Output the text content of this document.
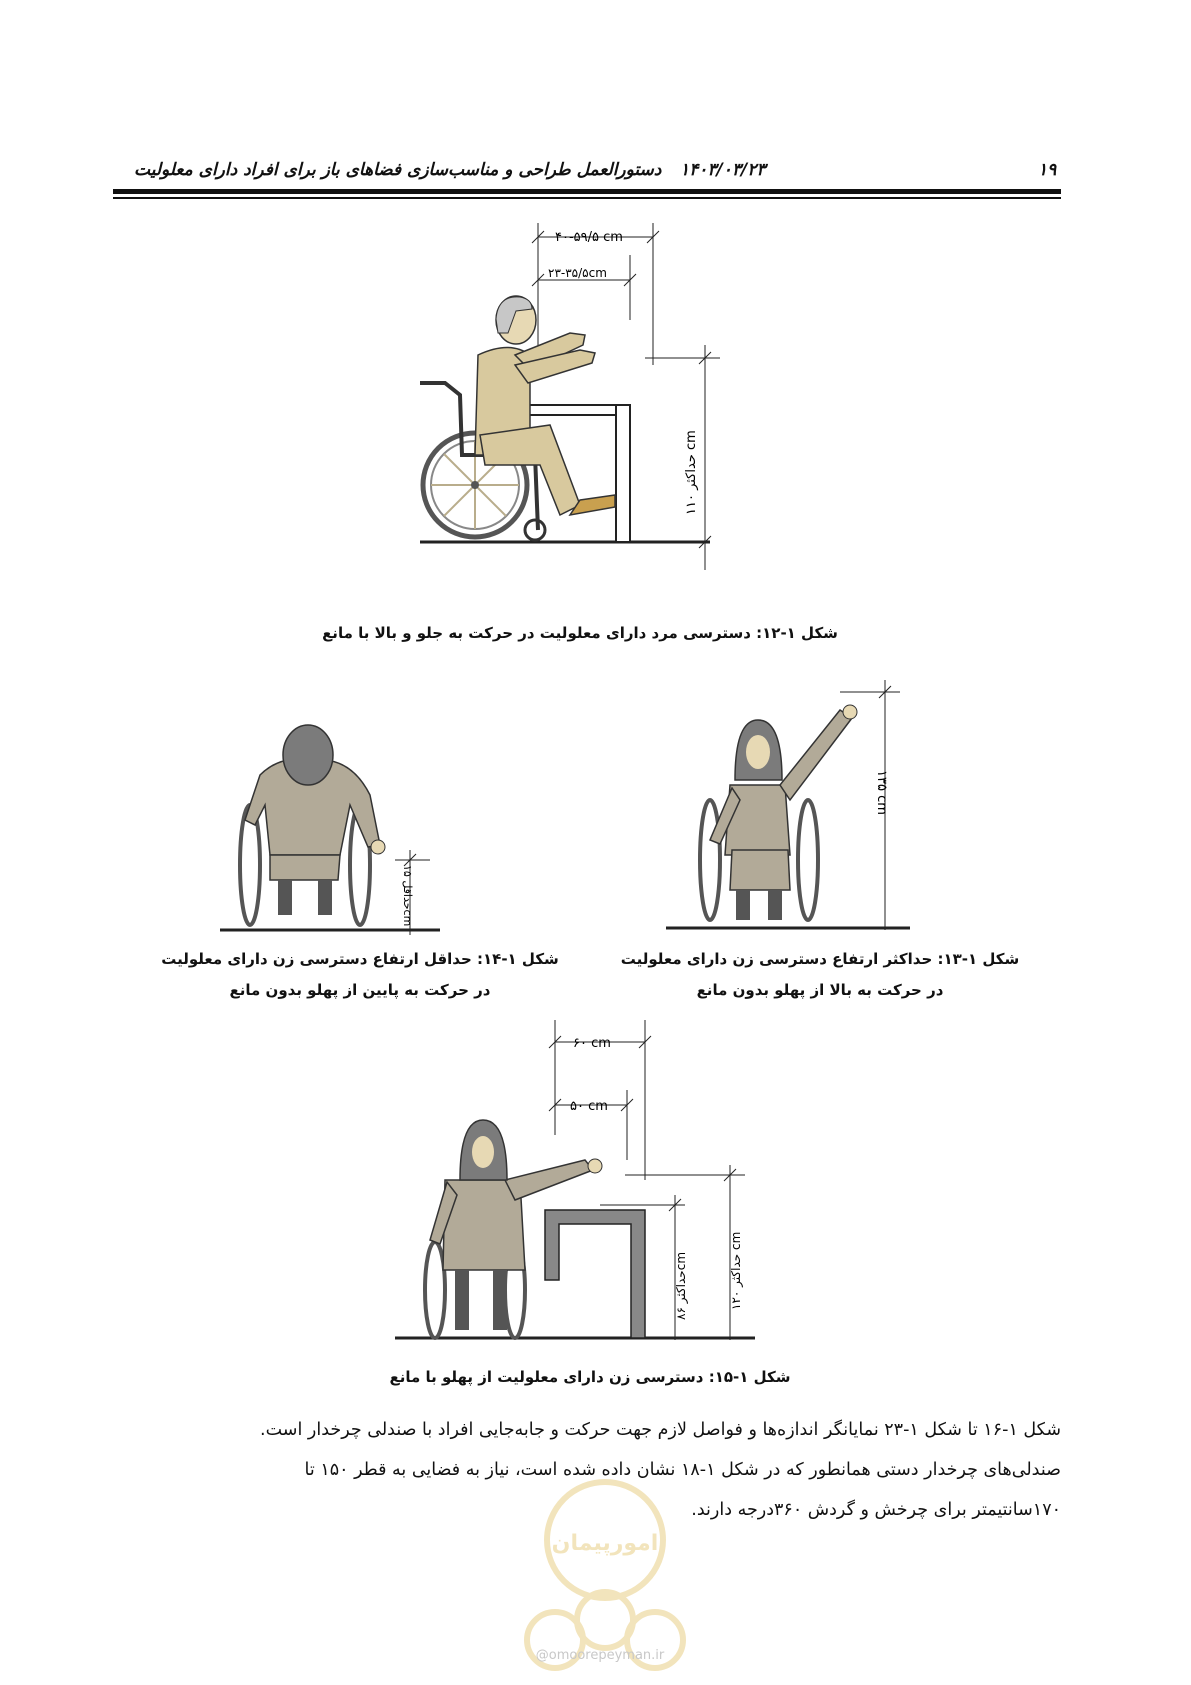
۱۹
۱۴۰۳/۰۳/۲۳
دستورالعمل طراحی و مناسب‌سازی فضاهای باز برای افراد دارای معلولیت
۴۰-۵۹/۵ cm
۲۳-۳۵/۵cm
حداکثر ۱۱۰ cm
شکل ۱-۱۲: دسترسی مرد دارای معلولیت در حرکت به جلو و بالا با مانع
۱۳۵ cm
شکل ۱-۱۳: حداکثر ارتفاع دسترسی زن دارای معلولیت
در حرکت به بالا از پهلو بدون مانع
حداقل ۱۵cm
شکل ۱-۱۴: حداقل ارتفاع دسترسی زن دارای معلولیت
در حرکت به پایین از پهلو بدون مانع
۶۰ cm
۵۰ cm
حداکثر ۱۲۰ cm
حداکثر ۸۶cm
شکل ۱-۱۵: دسترسی زن دارای معلولیت از پهلو با مانع

شکل ۱-۱۶ تا شکل ۱-۲۳ نمایانگر اندازه‌ها و فواصل لازم جهت حرکت و جابه‌جایی افراد با صندلی چرخدار است.

صندلی‌های چرخدار دستی همانطور که در شکل ۱-۱۸ نشان داده شده است، نیاز به فضایی به قطر ۱۵۰ تا

۱۷۰سانتیمتر برای چرخش و گردش ۳۶۰درجه دارند.

امورپیمان
@omoorepeyman.ir
